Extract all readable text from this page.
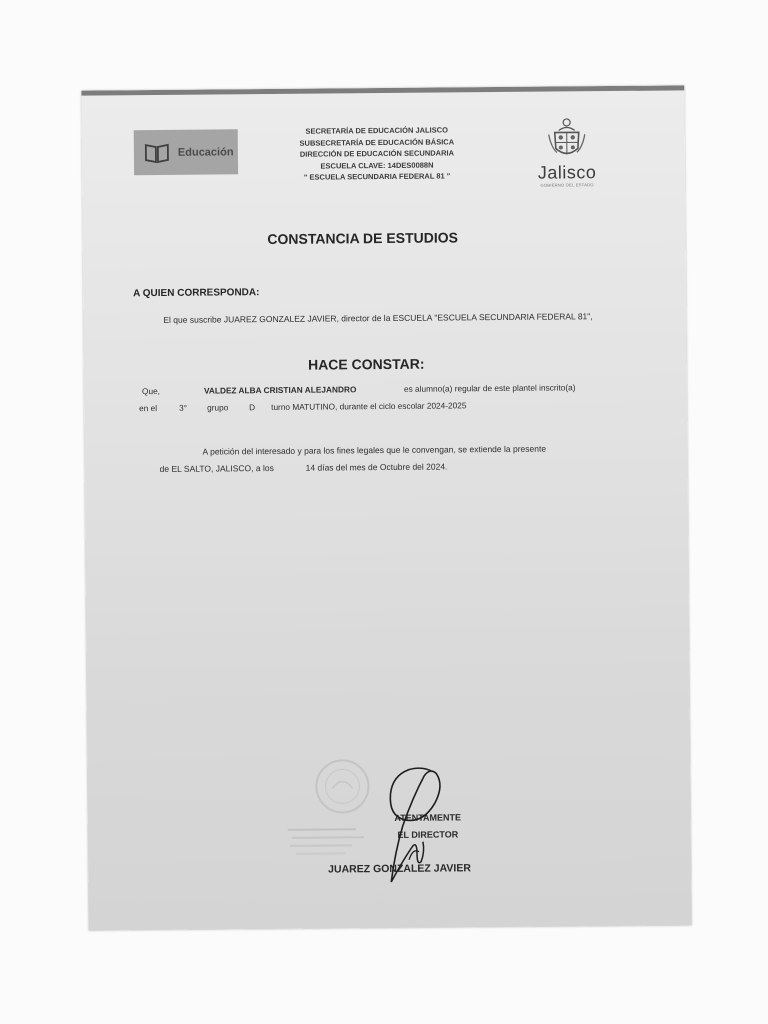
Educación
SECRETARÍA DE EDUCACIÓN JALISCO
SUBSECRETARÍA DE EDUCACIÓN BÁSICA
DIRECCIÓN DE EDUCACIÓN SECUNDARIA
ESCUELA CLAVE: 14DES0088N
" ESCUELA SECUNDARIA FEDERAL 81 "	Jalisco
GOBIERNO DEL ESTADO
CONSTANCIA DE ESTUDIOS
A QUIEN CORRESPONDA:
El que suscribe JUAREZ GONZALEZ JAVIER, director de la ESCUELA "ESCUELA SECUNDARIA FEDERAL 81",
HACE CONSTAR:
Que,	VALDEZ ALBA CRISTIAN ALEJANDRO	es alumno(a) regular de este plantel inscrito(a)
en el	3° grupo D turno MATUTINO, durante el ciclo escolar 2024-2025
A petición del interesado y para los fines legales que le convengan, se extiende la presente
de EL SALTO, JALISCO, a los	14 días del mes de Octubre del 2024.
ATENTAMENTE
EL DIRECTOR
JUAREZ GONZALEZ JAVIER
